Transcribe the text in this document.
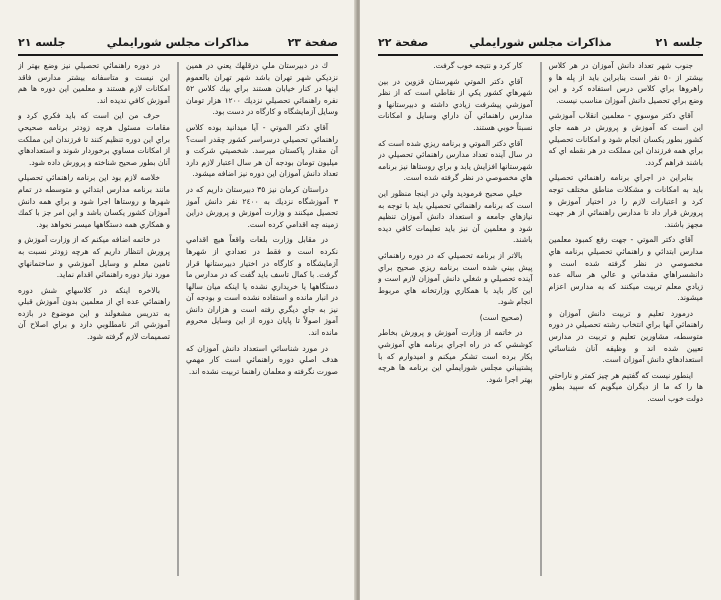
صفحة ٢٣
مذاكرات مجلس شورايملي
جلسه ٢١

ك در دبيرستان ملي درقلهك يعني در همين نزديكي شهر تهران باشد شهر تهران بالعموم اينها در كنار خيابان هستند براي بيك كلاس ٥٢ نفره راهنمائي تحصيلي نزديك ١٢٠٠ هزار تومان وسايل آزمايشگاه و كارگاه در دست بود.

آقاي دكتر الموتي - آيا ميدانيد بوده كلاس راهنمائي تحصيلي درسراسر كشور چقدر است؟ آن مقدار پاكستان ميرسد. شخصيتي شركت و ميليون تومان بودجه آن هر سال اعتبار لازم دارد تعداد دانش آموزان اين دوره نيز اضافه ميشود.

دراستان كرمان نيز ٣٥ دبيرستان داريم كه در ٣ آموزشگاه نزديك به ٢٤٠٠ نفر دانش آموز تحصيل ميكنند و وزارت آموزش و پرورش دراين زمينه چه اقدامي كرده است.

در مقابل وزارت بلعات واقعاً هيچ اقدامي نكرده است و فقط در تعدادي از شهرها آزمايشگاه و كارگاه در اختيار دبيرستانها قرار گرفت. با كمال تاسف بايد گفت كه در مدارس ما دستگاهها يا خريداري نشده يا اينكه ميان سالها در انبار مانده و استفاده نشده است و بودجه آن نيز به جاي ديگري رفته است و هزاران دانش آموز اصولاً تا پايان دوره از اين وسايل محروم مانده اند.

در مورد شناسائي استعداد دانش آموزان كه هدف اصلي دوره راهنمائي است كار مهمي صورت نگرفته و معلمان راهنما تربيت نشده اند.

در دوره راهنمائي تحصيلي نيز وضع بهتر از اين نيست و متاسفانه بيشتر مدارس فاقد امكانات لازم هستند و معلمين اين دوره ها هم آموزش كافي نديده اند.

حرف من اين است كه بايد فكري كرد و مقامات مسئول هرچه زودتر برنامه صحيحي براي اين دوره تنظيم كنند تا فرزندان اين مملكت از امكانات مساوي برخوردار شوند و استعدادهاي آنان بطور صحيح شناخته و پرورش داده شود.

خلاصه لازم بود اين برنامه راهنمائي تحصيلي مانند برنامه مدارس ابتدائي و متوسطه در تمام شهرها و روستاها اجرا شود و براي همه دانش آموزان كشور يكسان باشد و اين امر جز با كمك و همكاري همه دستگاهها ميسر نخواهد بود.

در خاتمه اضافه ميكنم كه از وزارت آموزش و پرورش انتظار داريم كه هرچه زودتر نسبت به تامين معلم و وسايل آموزشي و ساختمانهاي مورد نياز دوره راهنمائي اقدام نمايد.

بالاخره اينكه در كلاسهاي شش دوره راهنمائي عده اي از معلمين بدون آموزش قبلي به تدريس مشغولند و اين موضوع در بازده آموزشي اثر نامطلوبي دارد و براي اصلاح آن تصميمات لازم گرفته شود.

جلسه ٢١
مذاكرات مجلس شورايملي
صفحة ٢٢

جنوب شهر تعداد دانش آموزان در هر كلاس بيشتر از ٥٠ نفر است بنابراين بايد از پله ها و راهروها براي كلاس درس استفاده كرد و اين وضع براي تحصيل دانش آموزان مناسب نيست.

آقاي دكتر موسوي - معلمين انقلاب آموزشي اين است كه آموزش و پرورش در همه جاي كشور بطور يكسان انجام شود و امكانات تحصيلي براي همه فرزندان اين مملكت در هر نقطه اي كه باشند فراهم گردد.

بنابراين در اجراي برنامه راهنمائي تحصيلي بايد به امكانات و مشكلات مناطق مختلف توجه كرد و اعتبارات لازم را در اختيار آموزش و پرورش قرار داد تا مدارس راهنمائي از هر جهت مجهز باشند.

آقاي دكتر الموتي - جهت رفع كمبود معلمين مدارس ابتدائي و راهنمائي تحصيلي برنامه هاي مخصوصي در نظر گرفته شده است و دانشسراهاي مقدماتي و عالي هر ساله عده زيادي معلم تربيت ميكنند كه به مدارس اعزام ميشوند.

درمورد تعليم و تربيت دانش آموزان و راهنمائي آنها براي انتخاب رشته تحصيلي در دوره متوسطه، مشاورين تعليم و تربيت در مدارس تعيين شده اند و وظيفه آنان شناسائي استعدادهاي دانش آموزان است.

اينطور نيست كه گفتيم هر چيز كمتر و ناراحتي ها را كه ما از ديگران ميگويم كه سپيد بطور دولت خوب است.

كار كرد و نتيجه خوب گرفت.

آقاي دكتر الموتي شهرستان قزوين در بين شهرهاي كشور يكي از نقاطي است كه از نظر آموزشي پيشرفت زيادي داشته و دبيرستانها و مدارس راهنمائي آن داراي وسايل و امكانات نسبتاً خوبي هستند.

آقاي دكتر الموتي و برنامه ريزي شده است كه در سال آينده تعداد مدارس راهنمائي تحصيلي در شهرستانها افزايش يابد و براي روستاها نيز برنامه هاي مخصوصي در نظر گرفته شده است.

خيلي صحيح فرموديد ولي در اينجا منظور اين است كه برنامه راهنمائي تحصيلي بايد با توجه به نيازهاي جامعه و استعداد دانش آموزان تنظيم شود و معلمين آن نيز بايد تعليمات كافي ديده باشند.

بالاتر از برنامه تحصيلي كه در دوره راهنمائي پيش بيني شده است برنامه ريزي صحيح براي آينده تحصيلي و شغلي دانش آموزان لازم است و اين كار بايد با همكاري وزارتخانه هاي مربوط انجام شود.

(صحيح است)

در خاتمه از وزارت آموزش و پرورش بخاطر كوششي كه در راه اجراي برنامه هاي آموزشي بكار برده است تشكر ميكنم و اميدوارم كه با پشتيباني مجلس شورايملي اين برنامه ها هرچه بهتر اجرا شود.
